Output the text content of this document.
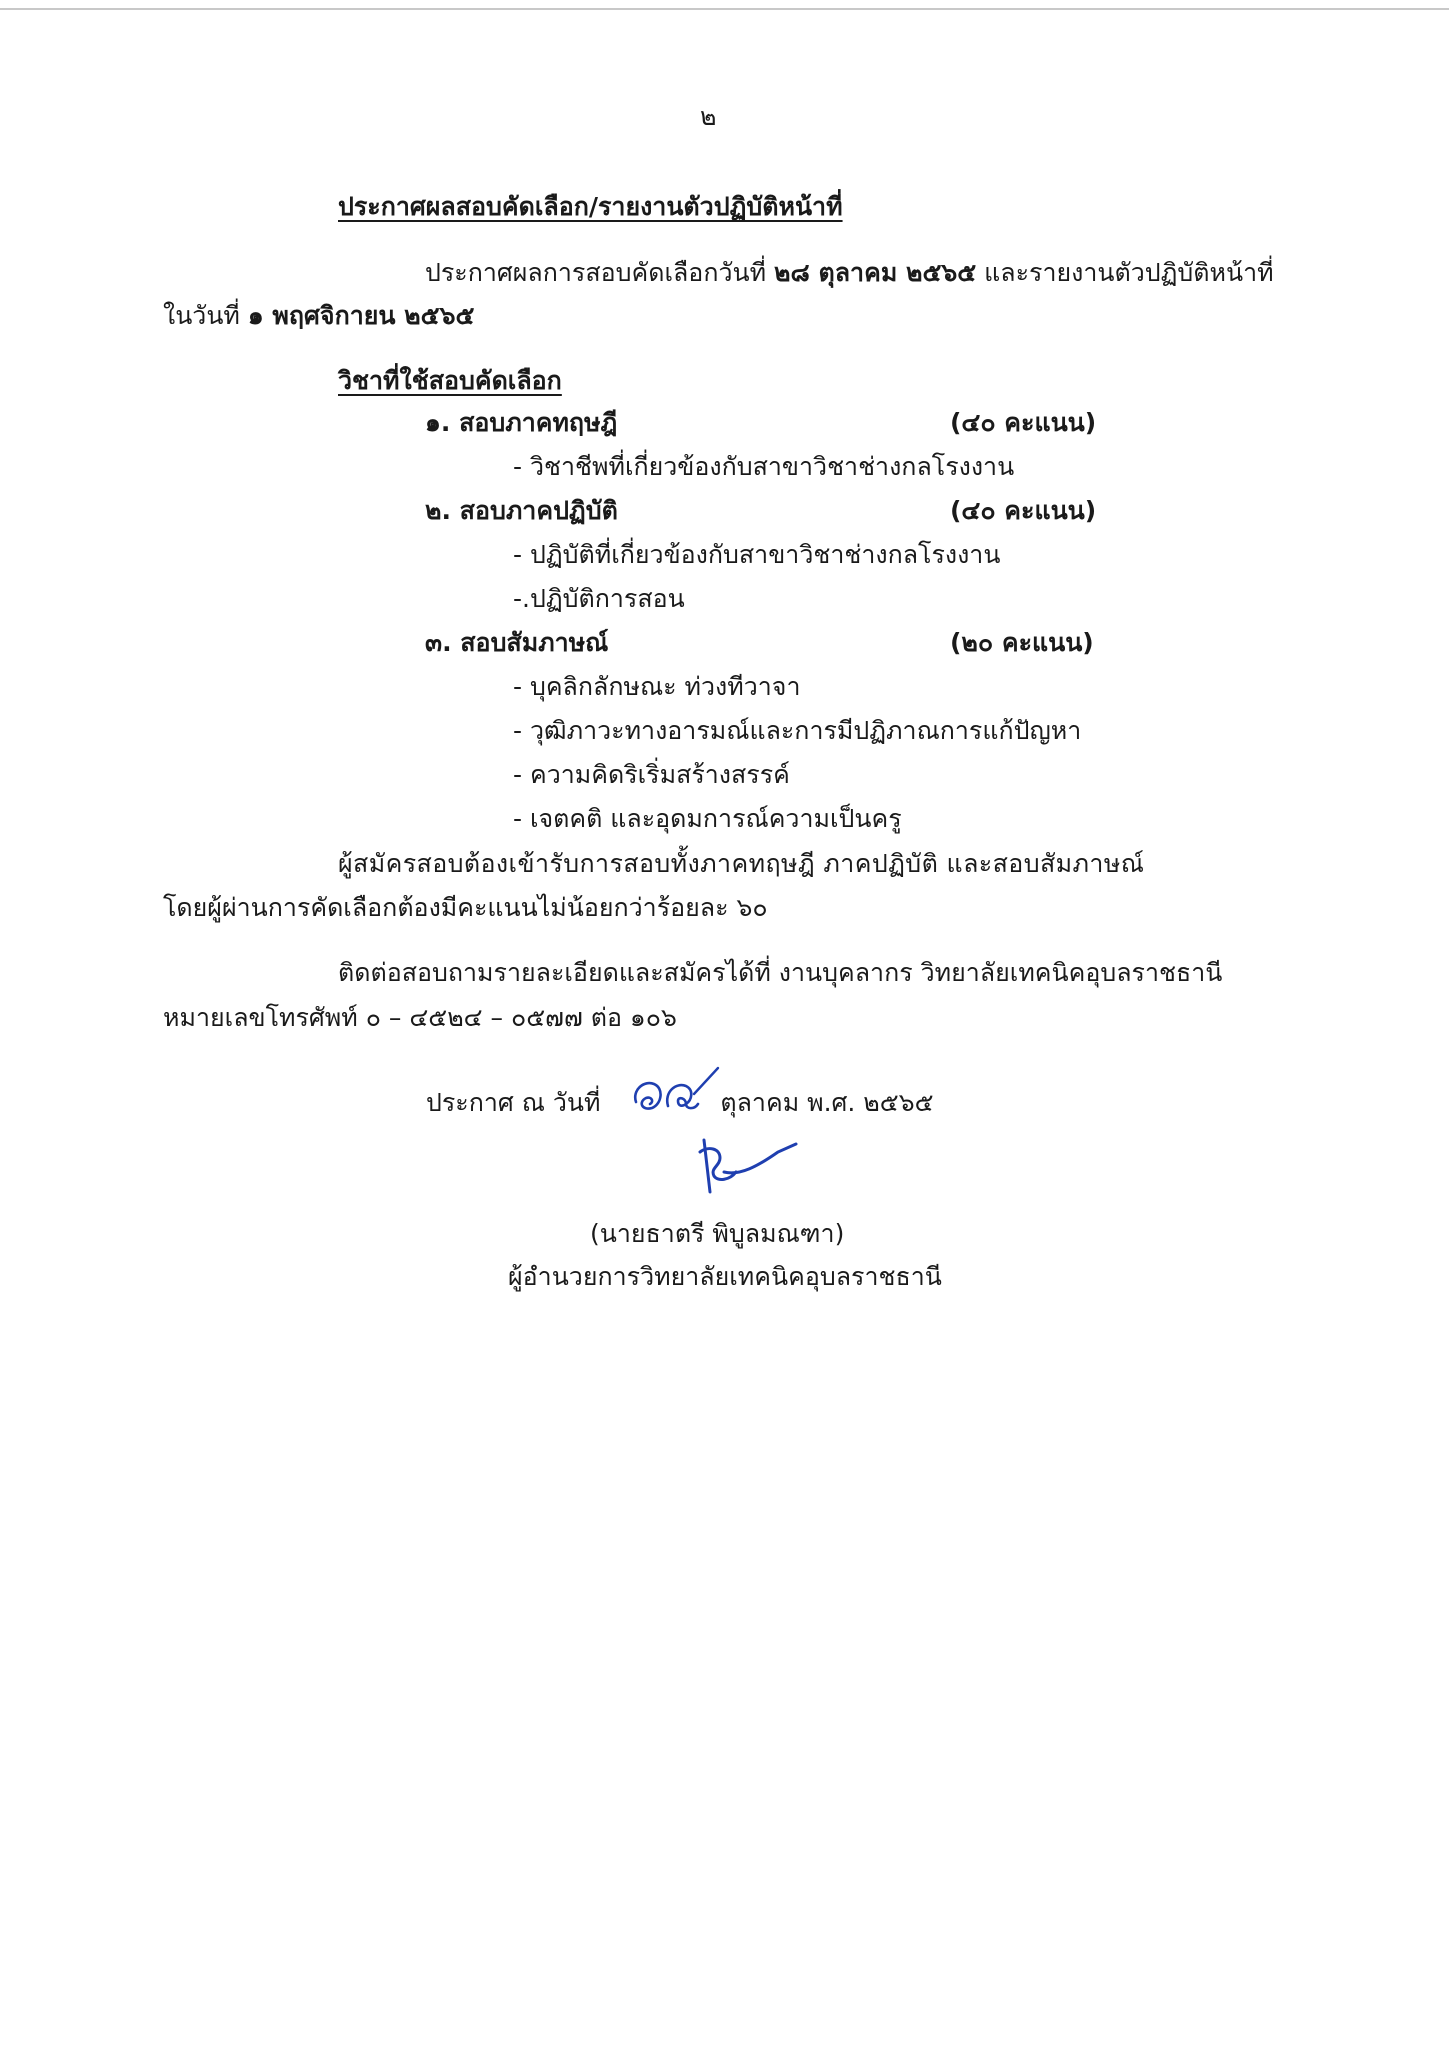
๒
ประกาศผลสอบคัดเลือก/รายงานตัวปฏิบัติหน้าที่
ประกาศผลการสอบคัดเลือกวันที่ ๒๘ ตุลาคม ๒๕๖๕ และรายงานตัวปฏิบัติหน้าที่
ในวันที่ ๑ พฤศจิกายน ๒๕๖๕
วิชาที่ใช้สอบคัดเลือก
๑. สอบภาคทฤษฎี	(๔๐ คะแนน)
- วิชาชีพที่เกี่ยวข้องกับสาขาวิชาช่างกลโรงงาน
๒. สอบภาคปฏิบัติ	(๔๐ คะแนน)
- ปฏิบัติที่เกี่ยวข้องกับสาขาวิชาช่างกลโรงงาน
-.ปฏิบัติการสอน
๓. สอบสัมภาษณ์	(๒๐ คะแนน)
- บุคลิกลักษณะ ท่วงทีวาจา
- วุฒิภาวะทางอารมณ์และการมีปฏิภาณการแก้ปัญหา
- ความคิดริเริ่มสร้างสรรค์
- เจตคติ และอุดมการณ์ความเป็นครู
ผู้สมัครสอบต้องเข้ารับการสอบทั้งภาคทฤษฎี ภาคปฏิบัติ และสอบสัมภาษณ์
โดยผู้ผ่านการคัดเลือกต้องมีคะแนนไม่น้อยกว่าร้อยละ ๖๐
ติดต่อสอบถามรายละเอียดและสมัครได้ที่ งานบุคลากร วิทยาลัยเทคนิคอุบลราชธานี
หมายเลขโทรศัพท์ ๐ – ๔๕๒๔ – ๐๕๗๗ ต่อ ๑๐๖
ประกาศ ณ วันที่	ตุลาคม พ.ศ. ๒๕๖๕
(นายธาตรี พิบูลมณฑา)
ผู้อำนวยการวิทยาลัยเทคนิคอุบลราชธานี
